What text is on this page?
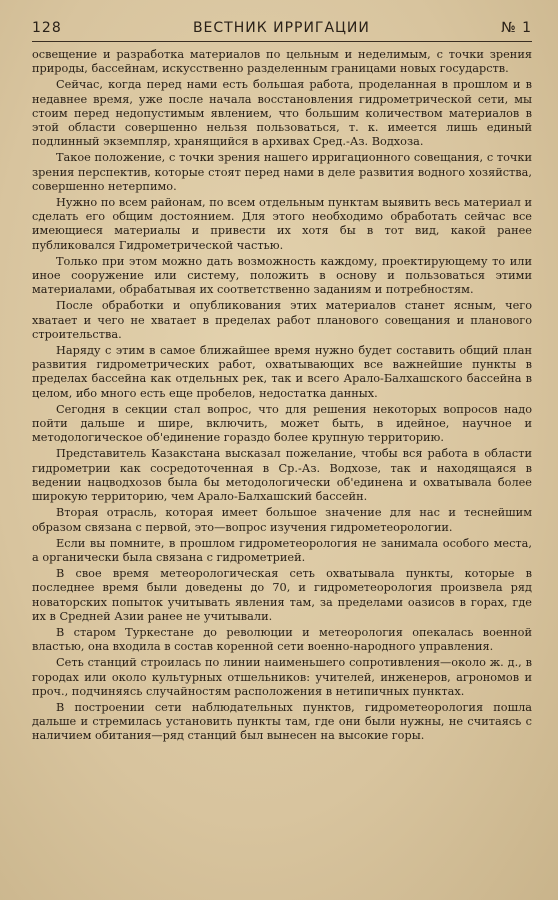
128	ВЕСТНИК ИРРИГАЦИИ	№ 1

освещение и разработка материалов по цельным и неделимым, с точки зрения природы, бассейнам, искусственно разделенным границами новых государств.

Сейчас, когда перед нами есть большая работа, проделанная в прошлом и в недавнее время, уже после начала восстановления гидрометрической сети, мы стоим перед недопустимым явлением, что большим количеством материалов в этой области совершенно нельзя пользоваться, т. к. имеется лишь единый подлинный экземпляр, хранящийся в архивах Сред.-Аз. Водхоза.

Такое положение, с точки зрения нашего ирригационного совещания, с точки зрения перспектив, которые стоят перед нами в деле развития водного хозяйства, совершенно нетерпимо.

Нужно по всем районам, по всем отдельным пунктам выявить весь материал и сделать его общим достоянием. Для этого необходимо обработать сейчас все имеющиеся материалы и привести их хотя бы в тот вид, какой ранее публиковался Гидрометрической частью.

Только при этом можно дать возможность каждому, проектирующему то или иное сооружение или систему, положить в основу и пользоваться этими материалами, обрабатывая их соответственно заданиям и потребностям.

После обработки и опубликования этих материалов станет ясным, чего хватает и чего не хватает в пределах работ планового совещания и планового строительства.

Наряду с этим в самое ближайшее время нужно будет составить общий план развития гидрометрических работ, охватывающих все важнейшие пункты в пределах бассейна как отдельных рек, так и всего Арало-Балхашского бассейна в целом, ибо много есть еще пробелов, недостатка данных.

Сегодня в секции стал вопрос, что для решения некоторых вопросов надо пойти дальше и шире, включить, может быть, в идейное, научное и методологическое об'единение гораздо более крупную территорию.

Представитель Казакстана высказал пожелание, чтобы вся работа в области гидрометрии как сосредоточенная в Ср.-Аз. Водхозе, так и находящаяся в ведении нацводхозов была бы методологически об'единена и охватывала более широкую территорию, чем Арало-Балхашский бассейн.

Вторая отрасль, которая имеет большое значение для нас и теснейшим образом связана с первой, это—вопрос изучения гидрометеорологии.

Если вы помните, в прошлом гидрометеорология не занимала особого места, а органически была связана с гидрометрией.

В свое время метеорологическая сеть охватывала пункты, которые в последнее время были доведены до 70, и гидрометеорология произвела ряд новаторских попыток учитывать явления там, за пределами оазисов в горах, где их в Средней Азии ранее не учитывали.

В старом Туркестане до революции и метеорология опекалась военной властью, она входила в состав коренной сети военно-народного управления.

Сеть станций строилась по линии наименьшего сопротивления—около ж. д., в городах или около культурных отшельников: учителей, инженеров, агрономов и проч., подчиняясь случайностям расположения в нетипичных пунктах.

В построении сети наблюдательных пунктов, гидрометеорология пошла дальше и стремилась установить пункты там, где они были нужны, не считаясь с наличием обитания—ряд станций был вынесен на высокие горы.
